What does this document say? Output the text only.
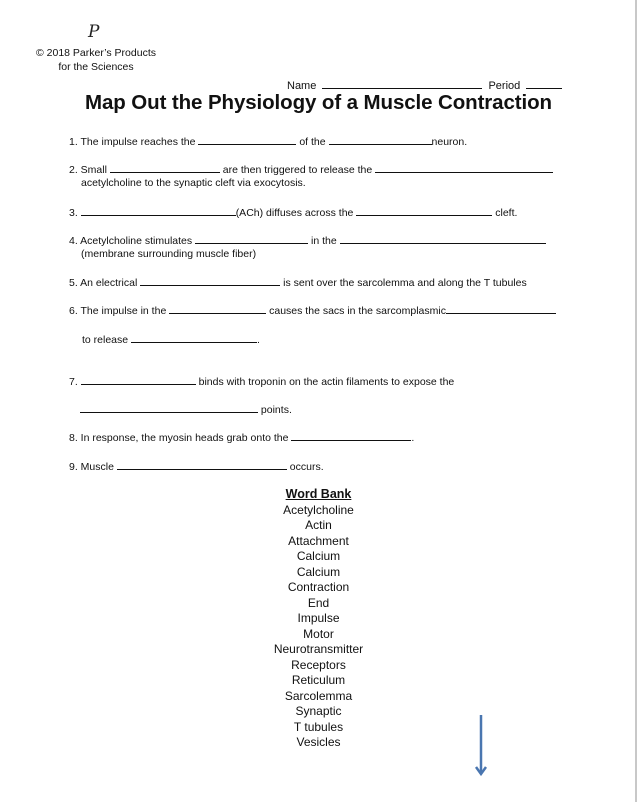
P
© 2018 Parker’s Products
for the Sciences
Name	Period
Map Out the Physiology of a Muscle Contraction
1. The impulse reaches the	of the	neuron.
2. Small	are then triggered to release the
acetylcholine to the synaptic cleft via exocytosis.
3.	(ACh) diffuses across the	cleft.
4. Acetylcholine stimulates	in the
(membrane surrounding muscle fiber)
5. An electrical	is sent over the sarcolemma and along the T tubules
6. The impulse in the	causes the sacs in the sarcomplasmic
to release	.
7.	binds with troponin on the actin filaments to expose the
points.
8. In response, the myosin heads grab onto the	.
9. Muscle	occurs.
Word Bank
Acetylcholine
Actin
Attachment
Calcium
Calcium
Contraction
End
Impulse
Motor
Neurotransmitter
Receptors
Reticulum
Sarcolemma
Synaptic
T tubules
Vesicles
